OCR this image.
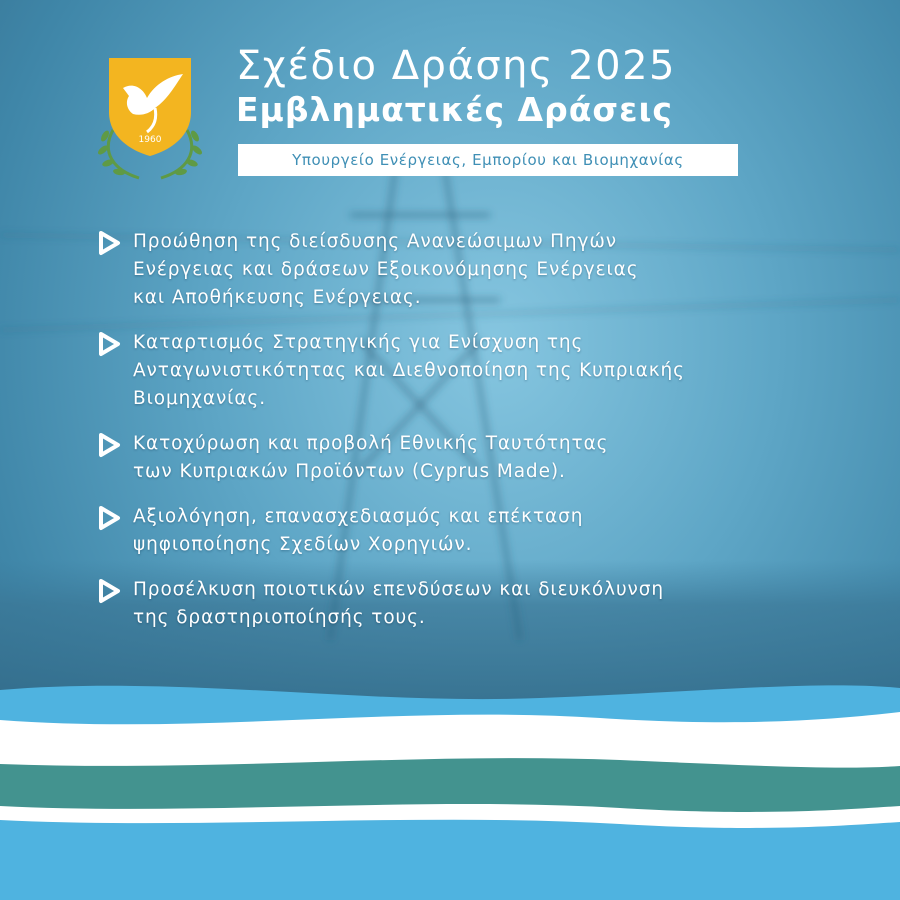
1960
Σχέδιο Δράσης 2025
Εμβληματικές Δράσεις
Υπουργείο Ενέργειας, Εμπορίου και Βιομηχανίας
Προώθηση της διείσδυσης Ανανεώσιμων Πηγών
Ενέργειας και δράσεων Εξοικονόμησης Ενέργειας
και Αποθήκευσης Ενέργειας.
Καταρτισμός Στρατηγικής για Ενίσχυση της
Ανταγωνιστικότητας και Διεθνοποίηση της Κυπριακής
Βιομηχανίας.
Κατοχύρωση και προβολή Εθνικής Ταυτότητας
των Κυπριακών Προϊόντων (Cyprus Made).
Αξιολόγηση, επανασχεδιασμός και επέκταση
ψηφιοποίησης Σχεδίων Χορηγιών.
Προσέλκυση ποιοτικών επενδύσεων και διευκόλυνση
της δραστηριοποίησής τους.
